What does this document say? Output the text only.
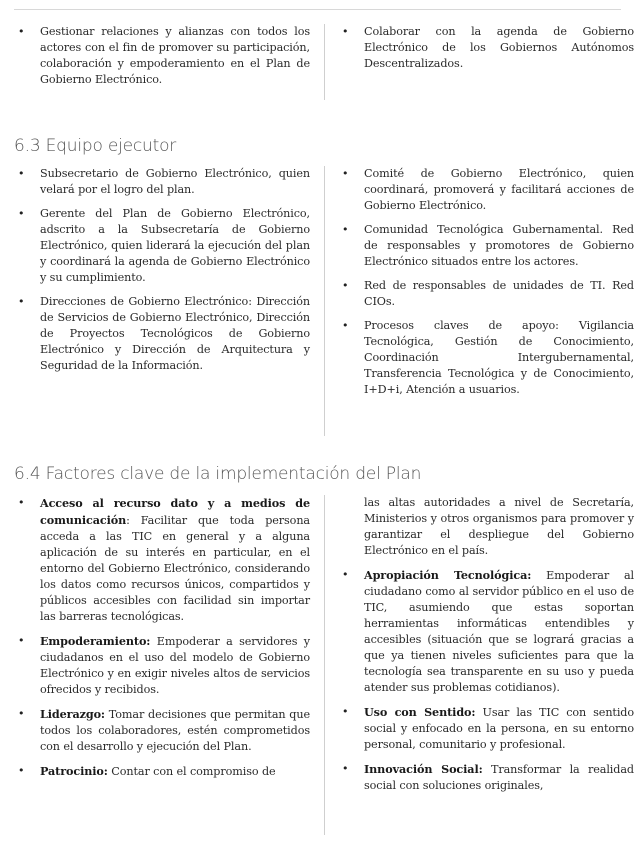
• Gestionar relaciones y alianzas con todos los actores con el fin de promover su participación, colaboración y empoderamiento en el Plan de Gobierno Electrónico.
• Colaborar con la agenda de Gobierno Electrónico de los Gobiernos Autónomos Descentralizados.
6.3 Equipo ejecutor
• Subsecretario de Gobierno Electrónico, quien velará por el logro del plan.
• Gerente del Plan de Gobierno Electrónico, adscrito a la Subsecretaría de Gobierno Electrónico, quien liderará la ejecución del plan y coordinará la agenda de Gobierno Electrónico y su cumplimiento.
• Direcciones de Gobierno Electrónico: Dirección de Servicios de Gobierno Electrónico, Dirección de Proyectos Tecnológicos de Gobierno Electrónico y Dirección de Arquitectura y Seguridad de la Información.
• Comité de Gobierno Electrónico, quien coordinará, promoverá y facilitará acciones de Gobierno Electrónico.
• Comunidad Tecnológica Gubernamental. Red de responsables y promotores de Gobierno Electrónico situados entre los actores.
• Red de responsables de unidades de TI. Red CIOs.
• Procesos claves de apoyo: Vigilancia Tecnológica, Gestión de Conocimiento, Coordinación Intergubernamental, Transferencia Tecnológica y de Conocimiento, I+D+i, Atención a usuarios.
6.4 Factores clave de la implementación del Plan
• Acceso al recurso dato y a medios de comunicación: Facilitar que toda persona acceda a las TIC en general y a alguna aplicación de su interés en particular, en el entorno del Gobierno Electrónico, considerando los datos como recursos únicos, compartidos y públicos accesibles con facilidad sin importar las barreras tecnológicas.
• Empoderamiento: Empoderar a servidores y ciudadanos en el uso del modelo de Gobierno Electrónico y en exigir niveles altos de servicios ofrecidos y recibidos.
• Liderazgo: Tomar decisiones que permitan que todos los colaboradores, estén comprometidos con el desarrollo y ejecución del Plan.
• Patrocinio: Contar con el compromiso de
las altas autoridades a nivel de Secretaría, Ministerios y otros organismos para promover y garantizar el despliegue del Gobierno Electrónico en el país.
• Apropiación Tecnológica: Empoderar al ciudadano como al servidor público en el uso de TIC, asumiendo que estas soportan herramientas informáticas entendibles y accesibles (situación que se logrará gracias a que ya tienen niveles suficientes para que la tecnología sea transparente en su uso y pueda atender sus problemas cotidianos).
• Uso con Sentido: Usar las TIC con sentido social y enfocado en la persona, en su entorno personal, comunitario y profesional.
• Innovación Social: Transformar la realidad social con soluciones originales,
